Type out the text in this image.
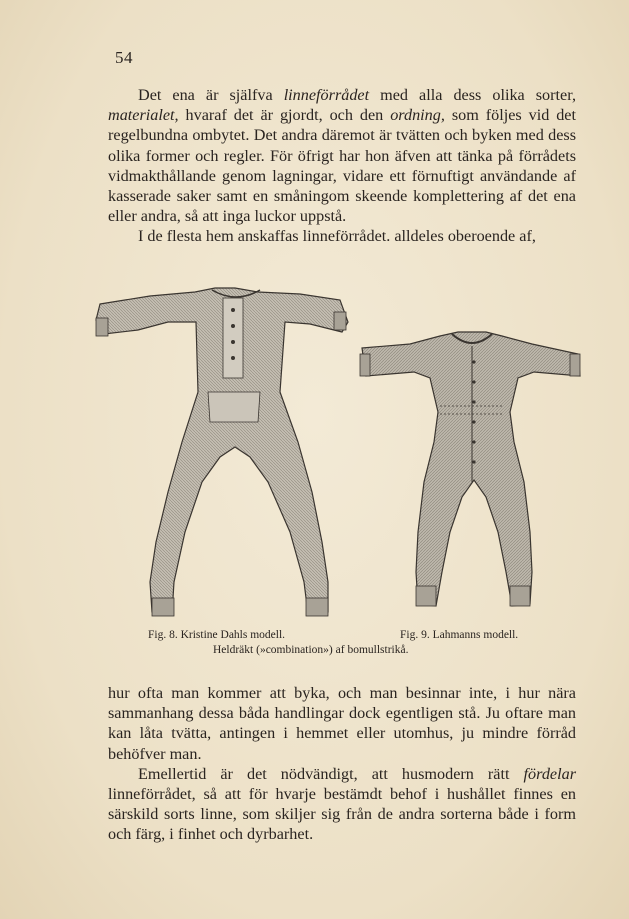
54

Det ena är själfva linneförrådet med alla dess olika sorter, materialet, hvaraf det är gjordt, och den ordning, som följes vid det regelbundna ombytet. Det andra däremot är tvätten och byken med dess olika former och regler. För öfrigt har hon äfven att tänka på förrådets vidmakthållande genom lagningar, vidare ett förnuftigt användande af kasserade saker samt en småningom skeende komplettering af det ena eller andra, så att inga luckor uppstå.

I de flesta hem anskaffas linneförrådet. alldeles oberoende af,

Fig. 8. Kristine Dahls modell.	Fig. 9. Lahmanns modell.
Heldräkt (»combination») af bomullstrikå.

hur ofta man kommer att byka, och man besinnar inte, i hur nära sammanhang dessa båda handlingar dock egentligen stå. Ju oftare man kan låta tvätta, antingen i hemmet eller utomhus, ju mindre förråd behöfver man.

Emellertid är det nödvändigt, att husmodern rätt fördelar linneförrådet, så att för hvarje bestämdt behof i hushållet finnes en särskild sorts linne, som skiljer sig från de andra sorterna både i form och färg, i finhet och dyrbarhet.
